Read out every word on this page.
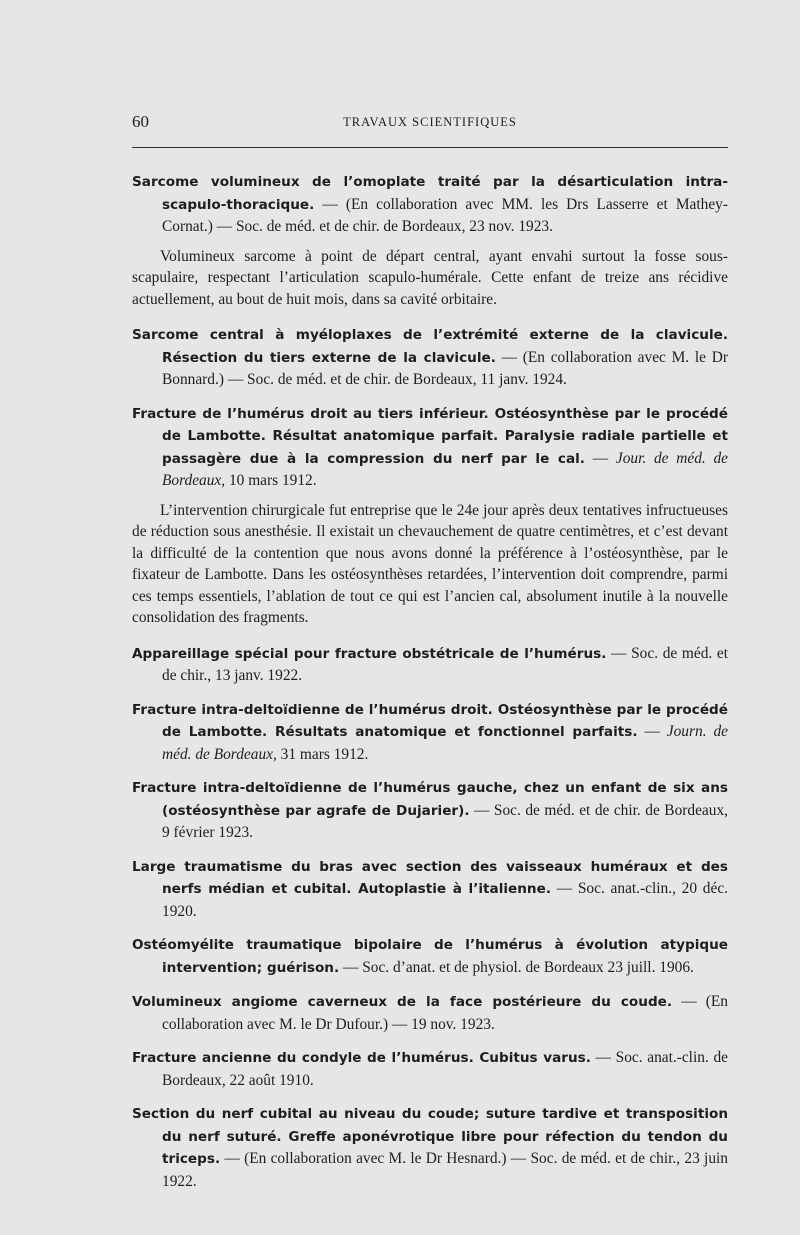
60	TRAVAUX SCIENTIFIQUES

Sarcome volumineux de l’omoplate traité par la désarticulation intra-scapulo-thoracique. — (En collaboration avec MM. les Drs Lasserre et Mathey-Cornat.) — Soc. de méd. et de chir. de Bordeaux, 23 nov. 1923.

Volumineux sarcome à point de départ central, ayant envahi surtout la fosse sous-scapulaire, respectant l’articulation scapulo-humérale. Cette enfant de treize ans récidive actuellement, au bout de huit mois, dans sa cavité orbitaire.

Sarcome central à myéloplaxes de l’extrémité externe de la clavicule. Résection du tiers externe de la clavicule. — (En collaboration avec M. le Dr Bonnard.) — Soc. de méd. et de chir. de Bordeaux, 11 janv. 1924.

Fracture de l’humérus droit au tiers inférieur. Ostéosynthèse par le procédé de Lambotte. Résultat anatomique parfait. Paralysie radiale partielle et passagère due à la compression du nerf par le cal. — Jour. de méd. de Bordeaux, 10 mars 1912.

L’intervention chirurgicale fut entreprise que le 24e jour après deux tentatives infructueuses de réduction sous anesthésie. Il existait un chevauchement de quatre centimètres, et c’est devant la difficulté de la contention que nous avons donné la préférence à l’ostéosynthèse, par le fixateur de Lambotte. Dans les ostéosynthèses retardées, l’intervention doit comprendre, parmi ces temps essentiels, l’ablation de tout ce qui est l’ancien cal, absolument inutile à la nouvelle consolidation des fragments.

Appareillage spécial pour fracture obstétricale de l’humérus. — Soc. de méd. et de chir., 13 janv. 1922.

Fracture intra-deltoïdienne de l’humérus droit. Ostéosynthèse par le procédé de Lambotte. Résultats anatomique et fonctionnel parfaits. — Journ. de méd. de Bordeaux, 31 mars 1912.

Fracture intra-deltoïdienne de l’humérus gauche, chez un enfant de six ans (ostéosynthèse par agrafe de Dujarier). — Soc. de méd. et de chir. de Bordeaux, 9 février 1923.

Large traumatisme du bras avec section des vaisseaux huméraux et des nerfs médian et cubital. Autoplastie à l’italienne. — Soc. anat.-clin., 20 déc. 1920.

Ostéomyélite traumatique bipolaire de l’humérus à évolution atypique intervention; guérison. — Soc. d’anat. et de physiol. de Bordeaux 23 juill. 1906.

Volumineux angiome caverneux de la face postérieure du coude. — (En collaboration avec M. le Dr Dufour.) — 19 nov. 1923.

Fracture ancienne du condyle de l’humérus. Cubitus varus. — Soc. anat.-clin. de Bordeaux, 22 août 1910.

Section du nerf cubital au niveau du coude; suture tardive et transposition du nerf suturé. Greffe aponévrotique libre pour réfection du tendon du triceps. — (En collaboration avec M. le Dr Hesnard.) — Soc. de méd. et de chir., 23 juin 1922.
